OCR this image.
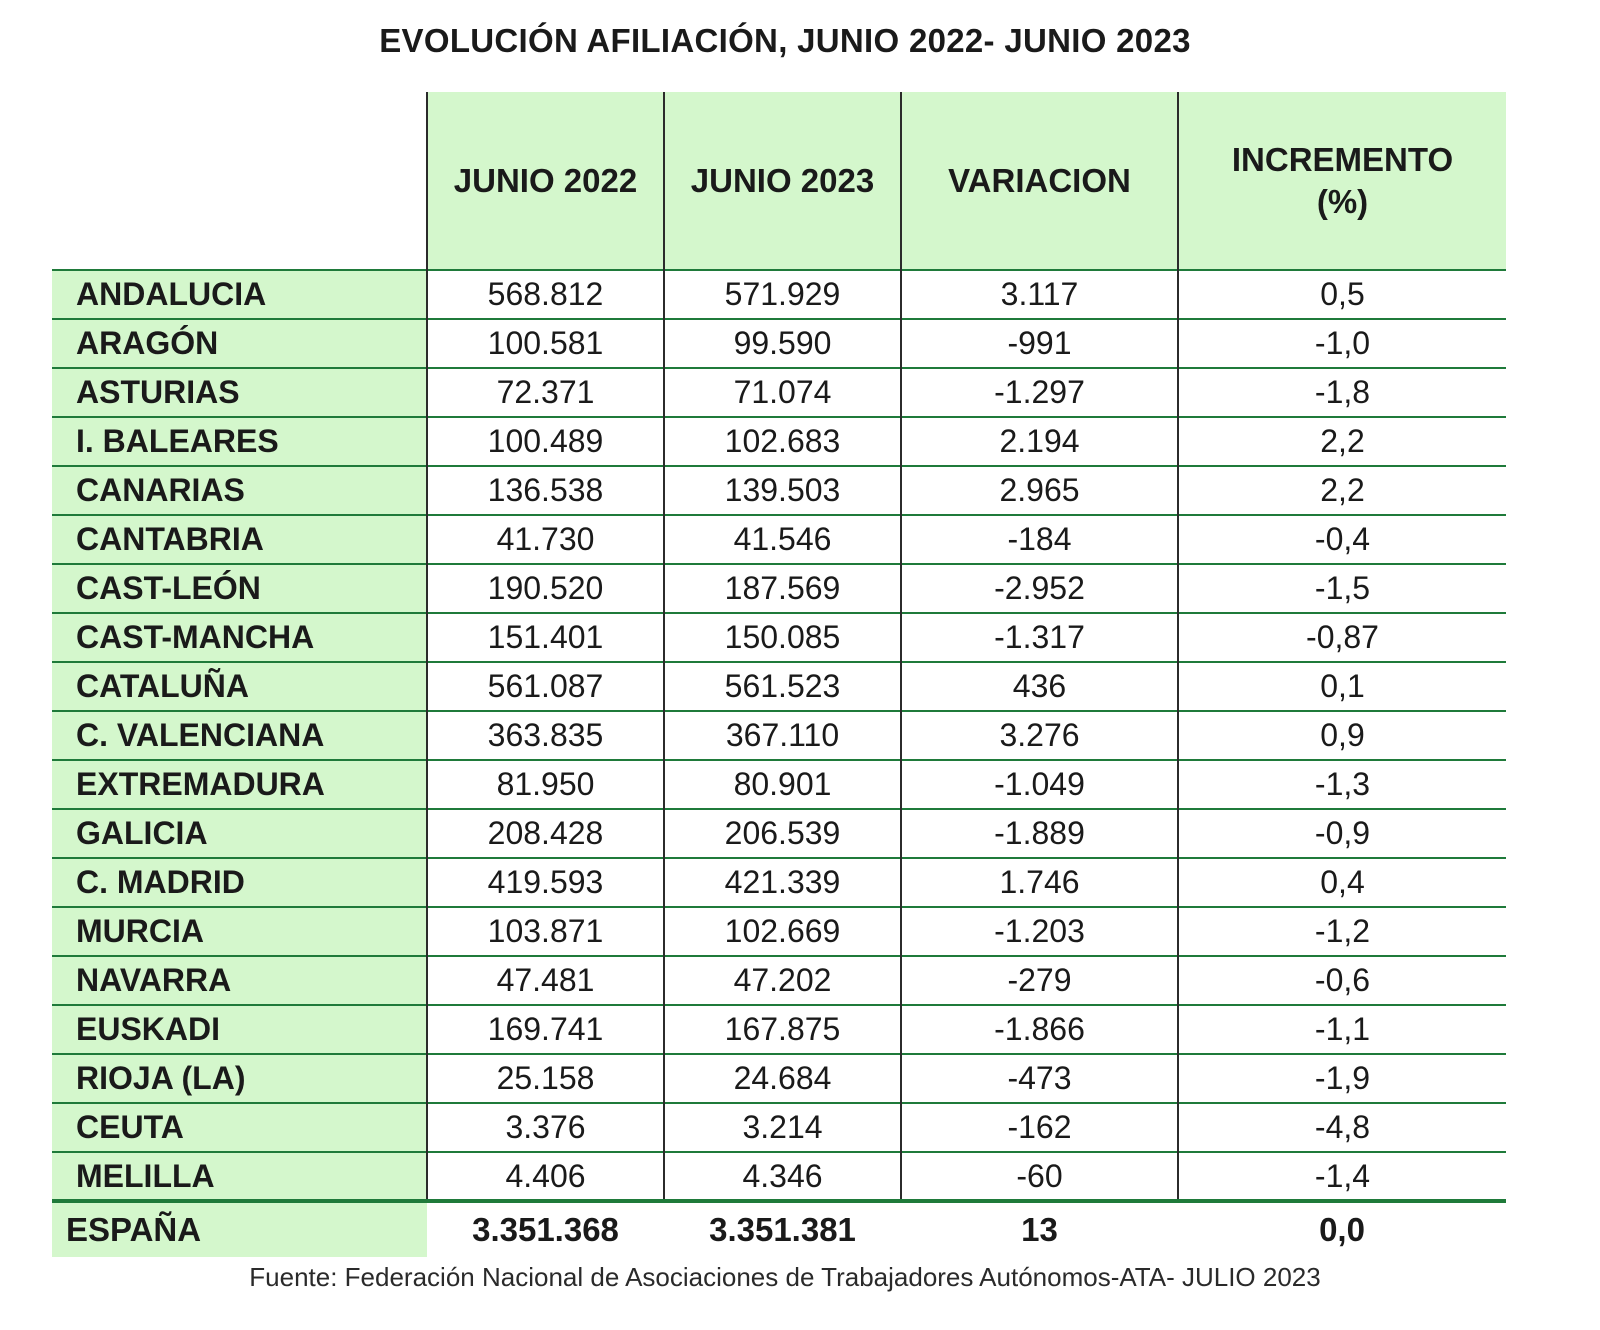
EVOLUCIÓN AFILIACIÓN, JUNIO 2022- JUNIO 2023
	JUNIO 2022	JUNIO 2023	VARIACION	INCREMENTO
(%)
ANDALUCIA	568.812	571.929	3.117	0,5
ARAGÓN	100.581	99.590	-991	-1,0
ASTURIAS	72.371	71.074	-1.297	-1,8
I. BALEARES	100.489	102.683	2.194	2,2
CANARIAS	136.538	139.503	2.965	2,2
CANTABRIA	41.730	41.546	-184	-0,4
CAST-LEÓN	190.520	187.569	-2.952	-1,5
CAST-MANCHA	151.401	150.085	-1.317	-0,87
CATALUÑA	561.087	561.523	436	0,1
C. VALENCIANA	363.835	367.110	3.276	0,9
EXTREMADURA	81.950	80.901	-1.049	-1,3
GALICIA	208.428	206.539	-1.889	-0,9
C. MADRID	419.593	421.339	1.746	0,4
MURCIA	103.871	102.669	-1.203	-1,2
NAVARRA	47.481	47.202	-279	-0,6
EUSKADI	169.741	167.875	-1.866	-1,1
RIOJA (LA)	25.158	24.684	-473	-1,9
CEUTA	3.376	3.214	-162	-4,8
MELILLA	4.406	4.346	-60	-1,4
ESPAÑA	3.351.368	3.351.381	13	0,0
Fuente: Federación Nacional de Asociaciones de Trabajadores Autónomos-ATA- JULIO 2023
